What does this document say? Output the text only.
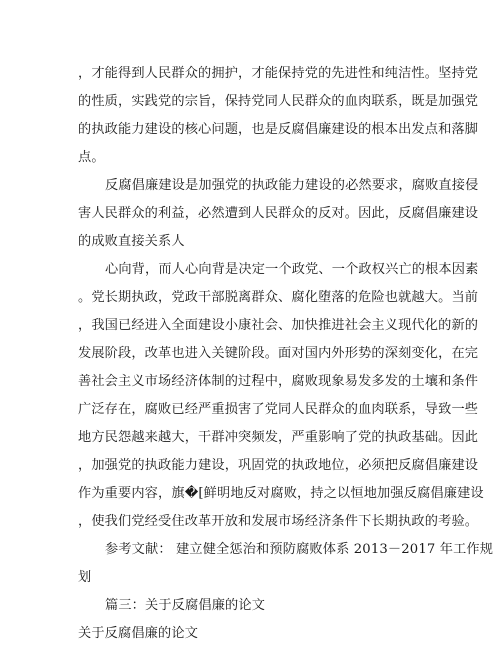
，才能得到人民群众的拥护，才能保持党的先进性和纯洁性。坚持党
的性质，实践党的宗旨，保持党同人民群众的血肉联系，既是加强党
的执政能力建设的核心问题，也是反腐倡廉建设的根本出发点和落脚
点。
反腐倡廉建设是加强党的执政能力建设的必然要求，腐败直接侵
害人民群众的利益，必然遭到人民群众的反对。因此，反腐倡廉建设
的成败直接关系人
心向背，而人心向背是决定一个政党、一个政权兴亡的根本因素
。党长期执政，党政干部脱离群众、腐化堕落的危险也就越大。当前
，我国已经进入全面建设小康社会、加快推进社会主义现代化的新的
发展阶段，改革也进入关键阶段。面对国内外形势的深刻变化，在完
善社会主义市场经济体制的过程中，腐败现象易发多发的土壤和条件
广泛存在，腐败已经严重损害了党同人民群众的血肉联系，导致一些
地方民怨越来越大，干群冲突频发，严重影响了党的执政基础。因此
，加强党的执政能力建设，巩固党的执政地位，必须把反腐倡廉建设
作为重要内容，旗�[鲜明地反对腐败，持之以恒地加强反腐倡廉建设
，使我们党经受住改革开放和发展市场经济条件下长期执政的考验。
参考文献： 建立健全惩治和预防腐败体系 2013－2017 年工作规
划
篇三：关于反腐倡廉的论文
关于反腐倡廉的论文
